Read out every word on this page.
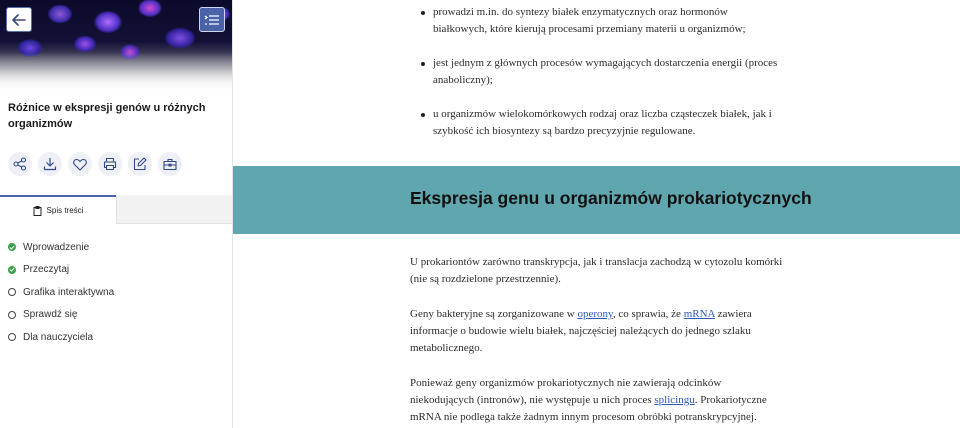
Różnice w ekspresji genów u różnych organizmów
Spis treści
Wprowadzenie
Przeczytaj
Grafika interaktywna
Sprawdź się
Dla nauczyciela
prowadzi m.in. do syntezy białek enzymatycznych oraz hormonów białkowych, które kierują procesami przemiany materii u organizmów;
jest jednym z głównych procesów wymagających dostarczenia energii (proces anaboliczny);
u organizmów wielokomórkowych rodzaj oraz liczba cząsteczek białek, jak i szybkość ich biosyntezy są bardzo precyzyjnie regulowane.
Ekspresja genu u organizmów prokariotycznych

U prokariontów zarówno transkrypcja, jak i translacja zachodzą w cytozolu komórki (nie są rozdzielone przestrzennie).

Geny bakteryjne są zorganizowane w operony, co sprawia, że mRNA zawiera informacje o budowie wielu białek, najczęściej należących do jednego szlaku metabolicznego.

Ponieważ geny organizmów prokariotycznych nie zawierają odcinków niekodujących (intronów), nie występuje u nich proces splicingu. Prokariotyczne mRNA nie podlega także żadnym innym procesom obróbki potranskrypcyjnej.
